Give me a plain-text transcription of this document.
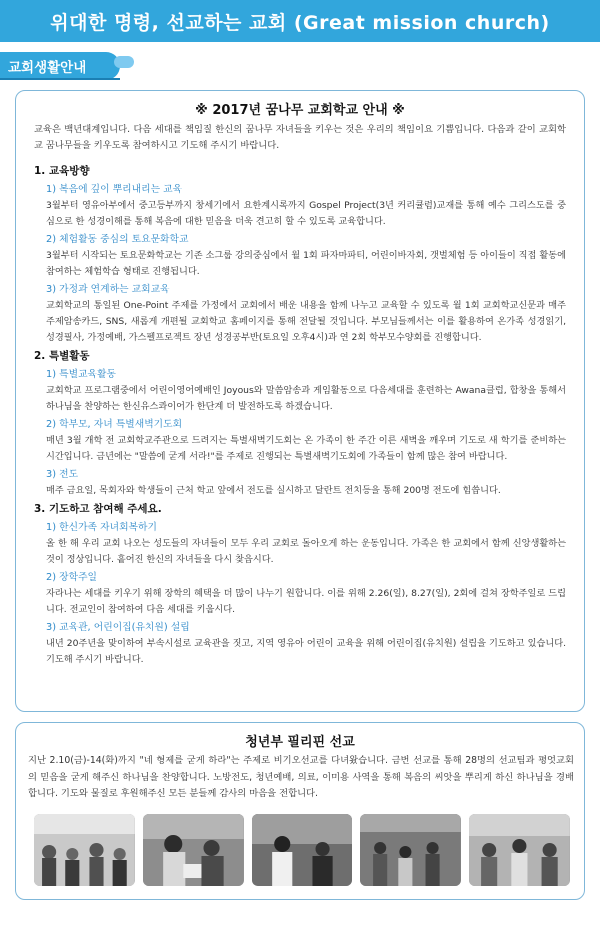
위대한 명령, 선교하는 교회 (Great mission church)
교회생활안내
※ 2017년 꿈나무 교회학교 안내 ※
교육은 백년대계입니다. 다음 세대를 책임질 한신의 꿈나무 자녀들을 키우는 것은 우리의 책임이요 기쁨입니다. 다음과 같이 교회학교 꿈나무들을 키우도록 참여하시고 기도해 주시기 바랍니다.
1. 교육방향
1) 복음에 깊이 뿌리내리는 교육
3월부터 영유아부에서 중고등부까지 창세기에서 요한계시록까지 Gospel Project(3년 커리큘럼)교재를 통해 예수 그리스도를 중심으로 한 성경이해를 통해 복음에 대한 믿음을 더욱 견고히 할 수 있도록 교육합니다.
2) 체험활동 중심의 토요문화학교
3월부터 시작되는 토요문화학교는 기존 소그룹 강의중심에서 월 1회 파자마파티, 어린이바자회, 갯벌체험 등 아이들이 직접 활동에 참여하는 체험학습 형태로 진행됩니다.
3) 가정과 연계하는 교회교육
교회학교의 통일된 One-Point 주제를 가정에서 교회에서 배운 내용을 함께 나누고 교육할 수 있도록 월 1회 교회학교신문과 매주 주제암송카드, SNS, 새롭게 개편될 교회학교 홈페이지를 통해 전달될 것입니다. 부모님들께서는 이를 활용하여 온가족 성경읽기, 성경필사, 가정예배, 가스펠프로젝트 장년 성경공부반(토요일 오후4시)과 연 2회 학부모수양회를 진행합니다.
2. 특별활동
1) 특별교육활동
교회학교 프로그램중에서 어린이영어예배인 Joyous와 말씀암송과 게임활동으로 다음세대를 훈련하는 Awana클럽, 합창을 통해서 하나님을 찬양하는 한신유스콰이어가 한단계 더 발전하도록 하겠습니다.
2) 학부모, 자녀 특별새벽기도회
매년 3월 개학 전 교회학교주관으로 드려지는 특별새벽기도회는 온 가족이 한 주간 이른 새벽을 깨우며 기도로 새 학기를 준비하는 시간입니다. 금년에는 "말씀에 굳게 서라!"를 주제로 진행되는 특별새벽기도회에 가족들이 함께 많은 참여 바랍니다.
3) 전도
매주 금요일, 목회자와 학생들이 근처 학교 앞에서 전도를 실시하고 달란트 전치등을 통해 200명 전도에 힘씁니다.
3. 기도하고 참여해 주세요.
1) 한신가족 자녀회복하기
올 한 해 우리 교회 나오는 성도들의 자녀들이 모두 우리 교회로 돌아오게 하는 운동입니다. 가족은 한 교회에서 함께 신앙생활하는 것이 정상입니다. 흩어진 한신의 자녀들을 다시 찾읍시다.
2) 장학주일
자라나는 세대를 키우기 위해 장학의 혜택을 더 많이 나누기 원합니다. 이를 위해 2.26(일), 8.27(일), 2회에 걸쳐 장학주일로 드립니다. 전교인이 참여하여 다음 세대를 키웁시다.
3) 교육관, 어린이집(유치원) 설립
내년 20주년을 맞이하여 부속시설로 교육관을 짓고, 지역 영유아 어린이 교육을 위해 어린이집(유치원) 설립을 기도하고 있습니다. 기도해 주시기 바랍니다.
청년부 필리핀 선교
지난 2.10(금)-14(화)까지 "네 형제를 굳게 하라"는 주제로 비기오선교를 다녀왔습니다. 금번 선교를 통해 28명의 선교팀과 평엇교회의 믿음을 굳게 해주신 하나님을 찬양합니다. 노방전도, 청년예배, 의료, 이미용 사역을 통해 복음의 씨앗을 뿌리게 하신 하나님을 경배합니다. 기도와 물질로 후원해주신 모든 분들께 감사의 마음을 전합니다.
